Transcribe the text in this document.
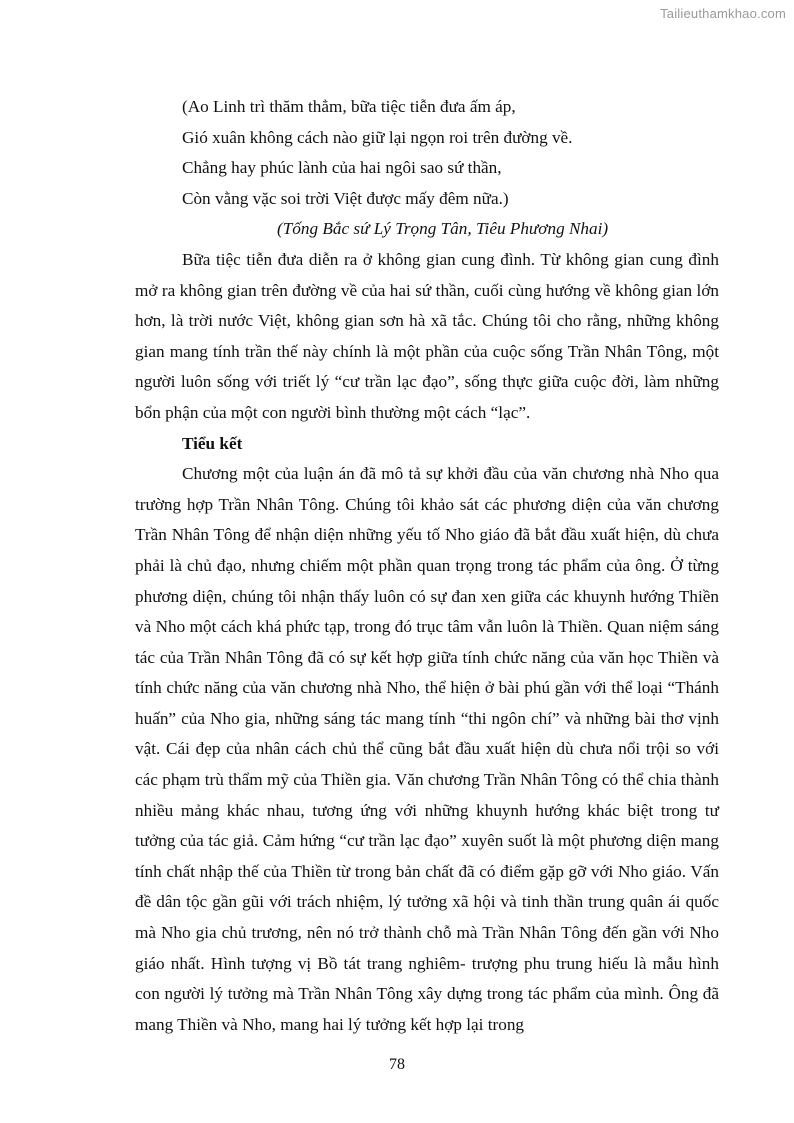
Tailieuthamkhao.com

(Ao Linh trì thăm thẳm, bữa tiệc tiễn đưa ấm áp,

Gió xuân không cách nào giữ lại ngọn roi trên đường về.

Chẳng hay phúc lành của hai ngôi sao sứ thần,

Còn vằng vặc soi trời Việt được mấy đêm nữa.)

(Tống Bắc sứ Lý Trọng Tân, Tiêu Phương Nhai)

Bữa tiệc tiễn đưa diễn ra ở không gian cung đình. Từ không gian cung đình mở ra không gian trên đường về của hai sứ thần, cuối cùng hướng về không gian lớn hơn, là trời nước Việt, không gian sơn hà xã tắc. Chúng tôi cho rằng, những không gian mang tính trần thế này chính là một phần của cuộc sống Trần Nhân Tông, một người luôn sống với triết lý “cư trần lạc đạo”, sống thực giữa cuộc đời, làm những bổn phận của một con người bình thường một cách “lạc”.

Tiểu kết

Chương một của luận án đã mô tả sự khởi đầu của văn chương nhà Nho qua trường hợp Trần Nhân Tông. Chúng tôi khảo sát các phương diện của văn chương Trần Nhân Tông để nhận diện những yếu tố Nho giáo đã bắt đầu xuất hiện, dù chưa phải là chủ đạo, nhưng chiếm một phần quan trọng trong tác phẩm của ông. Ở từng phương diện, chúng tôi nhận thấy luôn có sự đan xen giữa các khuynh hướng Thiền và Nho một cách khá phức tạp, trong đó trục tâm vẫn luôn là Thiền. Quan niệm sáng tác của Trần Nhân Tông đã có sự kết hợp giữa tính chức năng của văn học Thiền và tính chức năng của văn chương nhà Nho, thể hiện ở bài phú gần với thể loại “Thánh huấn” của Nho gia, những sáng tác mang tính “thi ngôn chí” và những bài thơ vịnh vật. Cái đẹp của nhân cách chủ thể cũng bắt đầu xuất hiện dù chưa nổi trội so với các phạm trù thẩm mỹ của Thiền gia. Văn chương Trần Nhân Tông có thể chia thành nhiều mảng khác nhau, tương ứng với những khuynh hướng khác biệt trong tư tưởng của tác giả. Cảm hứng “cư trần lạc đạo” xuyên suốt là một phương diện mang tính chất nhập thế của Thiền từ trong bản chất đã có điểm gặp gỡ với Nho giáo. Vấn đề dân tộc gần gũi với trách nhiệm, lý tưởng xã hội và tinh thần trung quân ái quốc mà Nho gia chủ trương, nên nó trở thành chỗ mà Trần Nhân Tông đến gần với Nho giáo nhất. Hình tượng vị Bồ tát trang nghiêm- trượng phu trung hiếu là mẫu hình con người lý tưởng mà Trần Nhân Tông xây dựng trong tác phẩm của mình. Ông đã mang Thiền và Nho, mang hai lý tưởng kết hợp lại trong

78
